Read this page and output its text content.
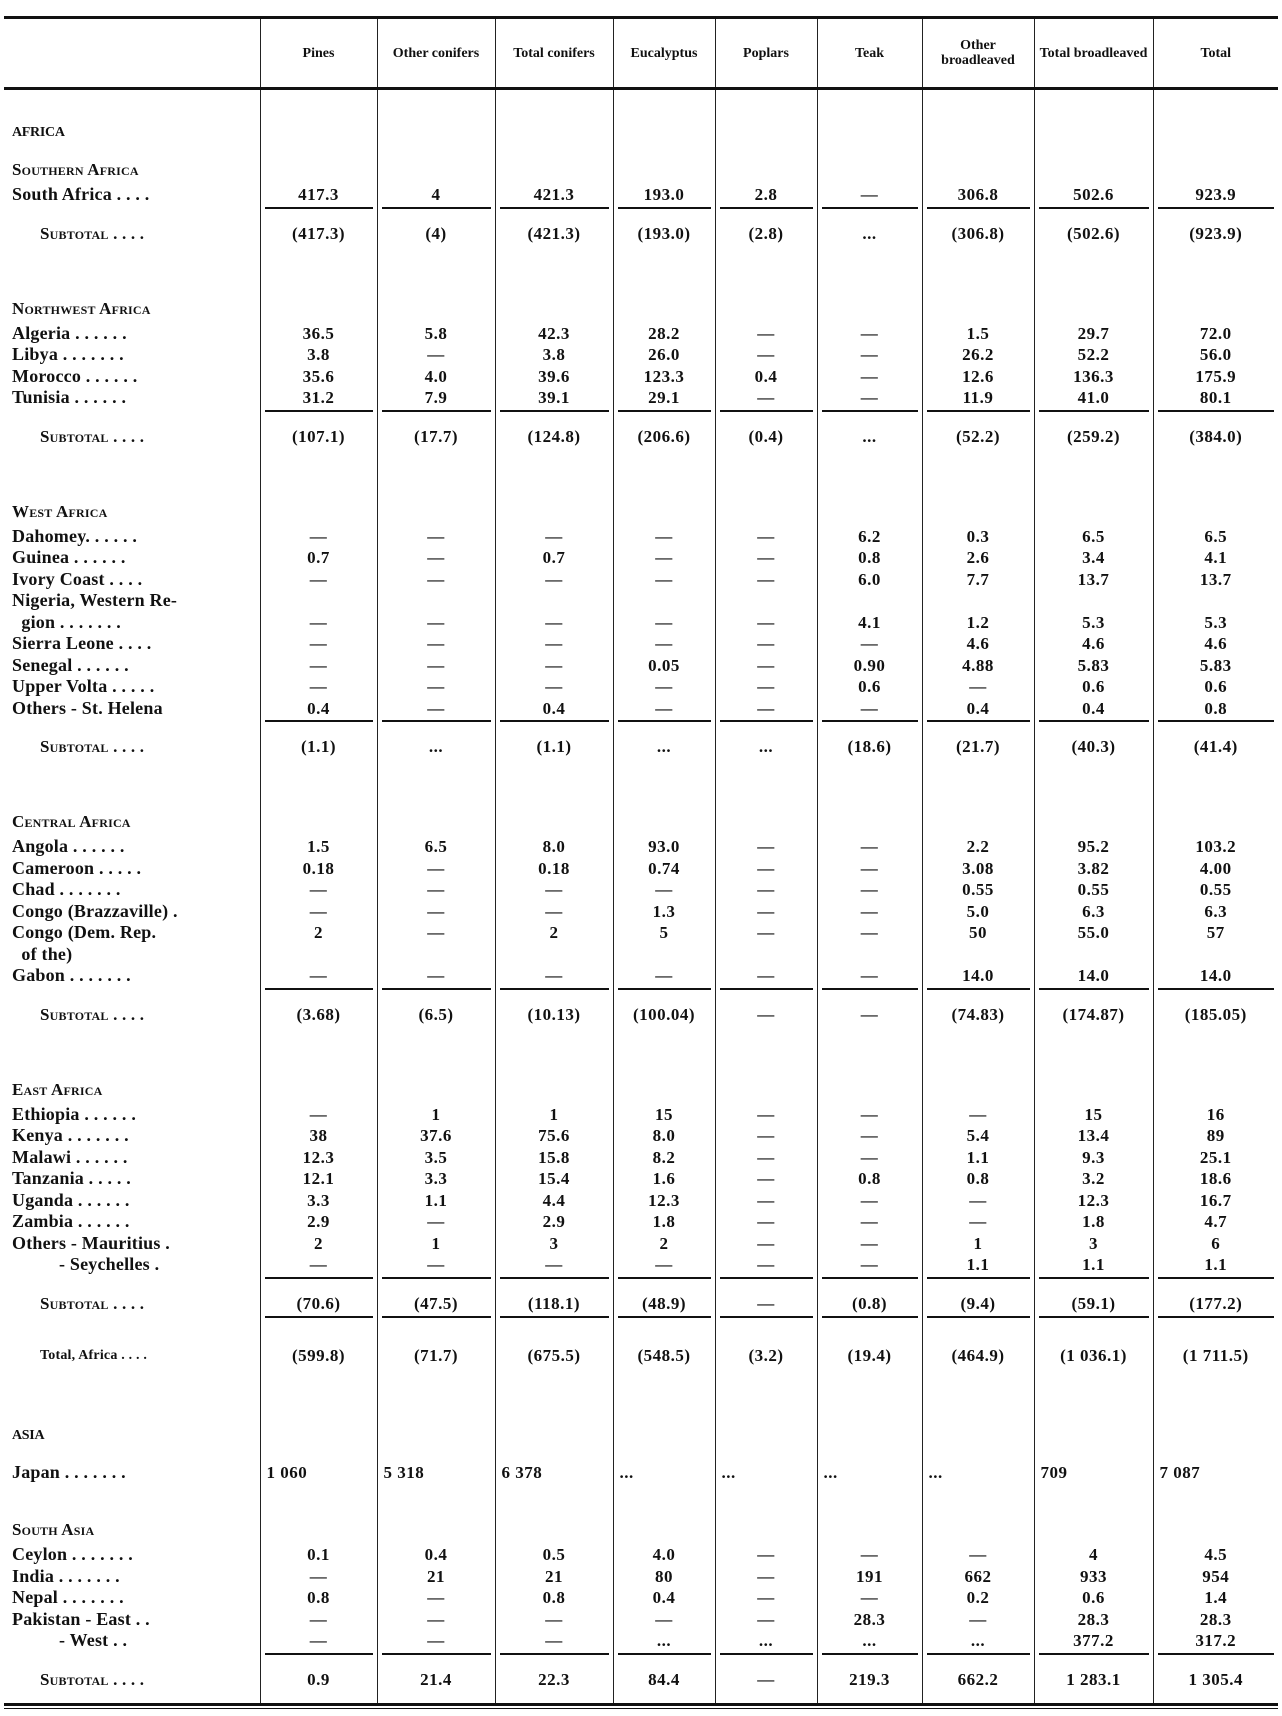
	Pines	Other conifers	Total conifers	Eucalyptus	Poplars	Teak	Other broadleaved	Total broadleaved	Total

AFRICA									

Southern Africa									

South Africa . . . .	417.3	4	421.3	193.0	2.8	—	306.8	502.6	923.9

Subtotal . . . .	(417.3)	(4)	(421.3)	(193.0)	(2.8)	...	(306.8)	(502.6)	(923.9)

Northwest Africa									

Algeria . . . . . .	36.5	5.8	42.3	28.2	—	—	1.5	29.7	72.0
Libya . . . . . . .	3.8	—	3.8	26.0	—	—	26.2	52.2	56.0
Morocco . . . . . .	35.6	4.0	39.6	123.3	0.4	—	12.6	136.3	175.9
Tunisia . . . . . .	31.2	7.9	39.1	29.1	—	—	11.9	41.0	80.1

Subtotal . . . .	(107.1)	(17.7)	(124.8)	(206.6)	(0.4)	...	(52.2)	(259.2)	(384.0)

West Africa									

Dahomey. . . . . .	—	—	—	—	—	6.2	0.3	6.5	6.5
Guinea . . . . . .	0.7	—	0.7	—	—	0.8	2.6	3.4	4.1
Ivory Coast . . . .	—	—	—	—	—	6.0	7.7	13.7	13.7
Nigeria, Western Re-									
gion . . . . . . .	—	—	—	—	—	4.1	1.2	5.3	5.3
Sierra Leone . . . .	—	—	—	—	—	—	4.6	4.6	4.6
Senegal . . . . . .	—	—	—	0.05	—	0.90	4.88	5.83	5.83
Upper Volta . . . . .	—	—	—	—	—	0.6	—	0.6	0.6
Others - St. Helena	0.4	—	0.4	—	—	—	0.4	0.4	0.8

Subtotal . . . .	(1.1)	...	(1.1)	...	...	(18.6)	(21.7)	(40.3)	(41.4)

Central Africa									

Angola . . . . . .	1.5	6.5	8.0	93.0	—	—	2.2	95.2	103.2
Cameroon . . . . .	0.18	—	0.18	0.74	—	—	3.08	3.82	4.00
Chad . . . . . . .	—	—	—	—	—	—	0.55	0.55	0.55
Congo (Brazzaville) .	—	—	—	1.3	—	—	5.0	6.3	6.3
Congo (Dem. Rep.	2	—	2	5	—	—	50	55.0	57
of the)									
Gabon . . . . . . .	—	—	—	—	—	—	14.0	14.0	14.0

Subtotal . . . .	(3.68)	(6.5)	(10.13)	(100.04)	—	—	(74.83)	(174.87)	(185.05)

East Africa									

Ethiopia . . . . . .	—	1	1	15	—	—	—	15	16
Kenya . . . . . . .	38	37.6	75.6	8.0	—	—	5.4	13.4	89
Malawi . . . . . .	12.3	3.5	15.8	8.2	—	—	1.1	9.3	25.1
Tanzania . . . . .	12.1	3.3	15.4	1.6	—	0.8	0.8	3.2	18.6
Uganda . . . . . .	3.3	1.1	4.4	12.3	—	—	—	12.3	16.7
Zambia . . . . . .	2.9	—	2.9	1.8	—	—	—	1.8	4.7
Others - Mauritius .	2	1	3	2	—	—	1	3	6
- Seychelles .	—	—	—	—	—	—	1.1	1.1	1.1

Subtotal . . . .	(70.6)	(47.5)	(118.1)	(48.9)	—	(0.8)	(9.4)	(59.1)	(177.2)

Total, Africa . . . .	(599.8)	(71.7)	(675.5)	(548.5)	(3.2)	(19.4)	(464.9)	(1 036.1)	(1 711.5)

ASIA									

Japan . . . . . . .	1 060	5 318	6 378	...	...	...	...	709	7 087

South Asia									

Ceylon . . . . . . .	0.1	0.4	0.5	4.0	—	—	—	4	4.5
India . . . . . . .	—	21	21	80	—	191	662	933	954
Nepal . . . . . . .	0.8	—	0.8	0.4	—	—	0.2	0.6	1.4
Pakistan - East . .	—	—	—	—	—	28.3	—	28.3	28.3
- West . .	—	—	—	...	...	...	...	377.2	317.2

Subtotal . . . .	0.9	21.4	22.3	84.4	—	219.3	662.2	1 283.1	1 305.4
